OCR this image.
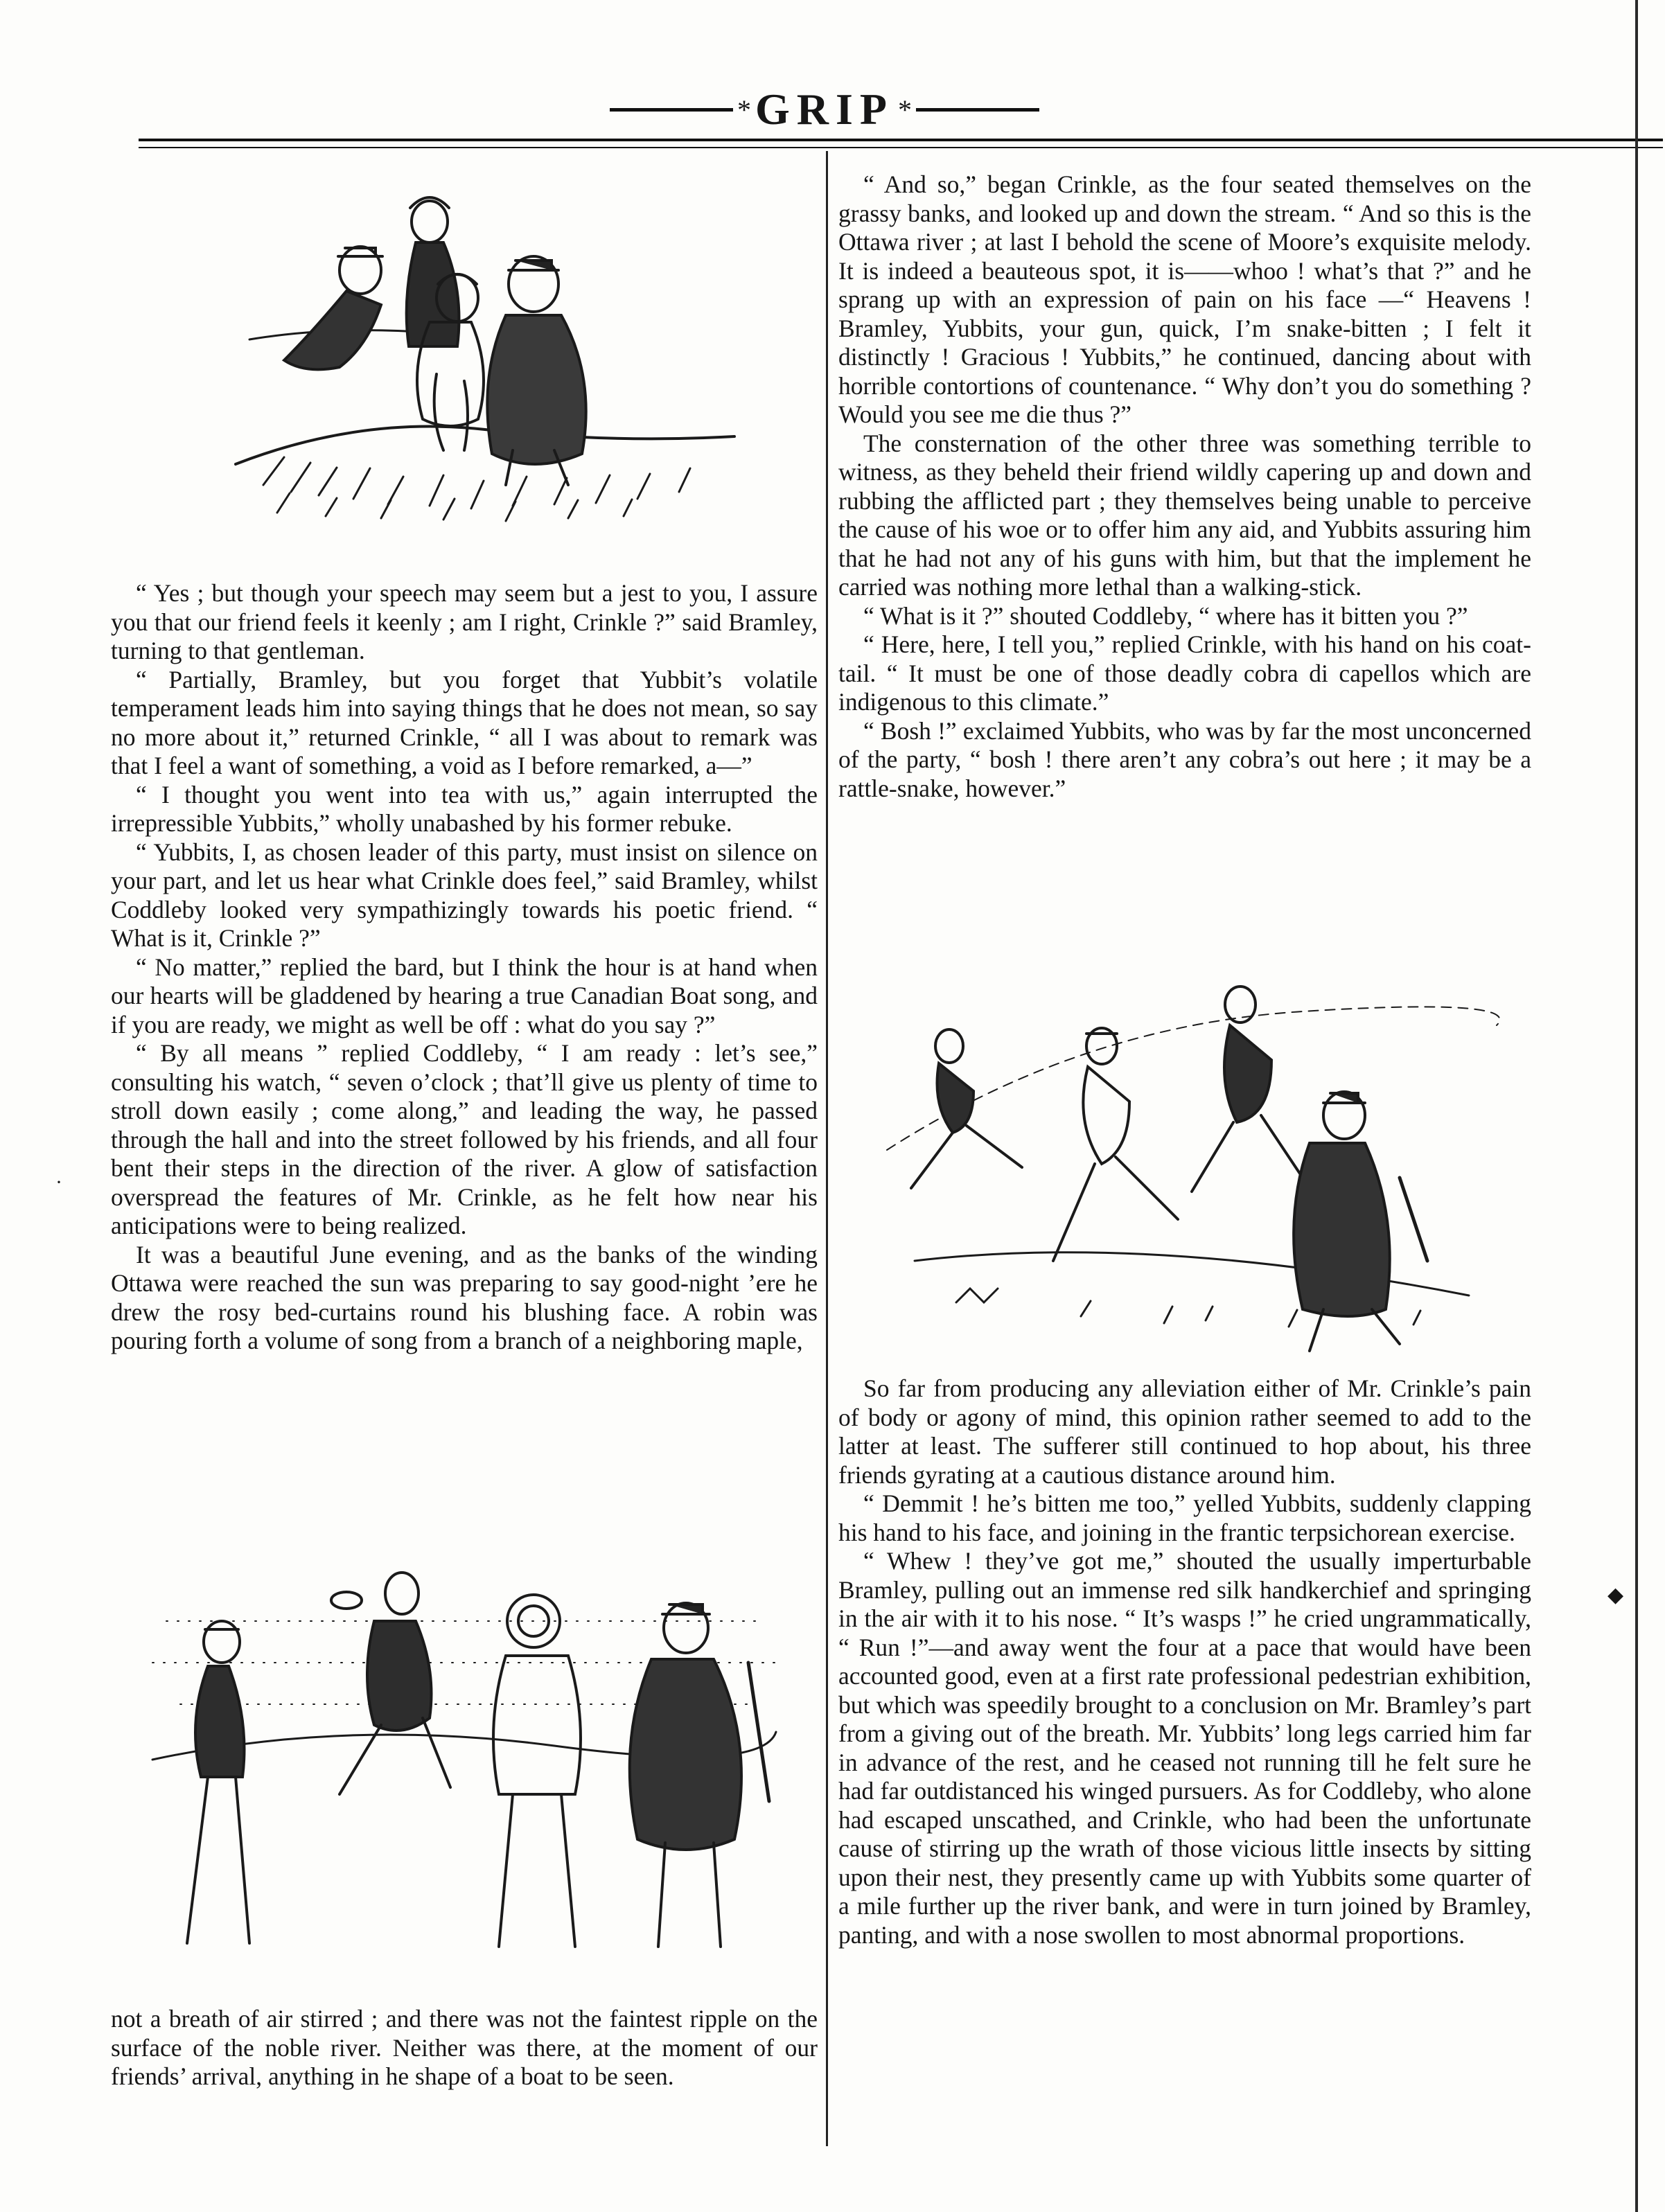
* GRIP *

“ Yes ; but though your speech may seem but a jest to you, I assure you that our friend feels it keenly ; am I right, Crinkle ?” said Bramley, turning to that gentleman.

“ Partially, Bramley, but you forget that Yubbit’s volatile temperament leads him into saying things that he does not mean, so say no more about it,” returned Crinkle, “ all I was about to remark was that I feel a want of something, a void as I before remarked, a—”

“ I thought you went into tea with us,” again interrupted the irrepressible Yubbits,” wholly unabashed by his former rebuke.

“ Yubbits, I, as chosen leader of this party, must insist on silence on your part, and let us hear what Crinkle does feel,” said Bramley, whilst Coddleby looked very sympathizingly towards his poetic friend. “ What is it, Crinkle ?”

“ No matter,” replied the bard, but I think the hour is at hand when our hearts will be gladdened by hearing a true Canadian Boat song, and if you are ready, we might as well be off : what do you say ?”

“ By all means ” replied Coddleby, “ I am ready : let’s see,” consulting his watch, “ seven o’clock ; that’ll give us plenty of time to stroll down easily ; come along,” and leading the way, he passed through the hall and into the street followed by his friends, and all four bent their steps in the direction of the river. A glow of satisfaction overspread the features of Mr. Crinkle, as he felt how near his anticipations were to being realized.

It was a beautiful June evening, and as the banks of the winding Ottawa were reached the sun was preparing to say good-night ’ere he drew the rosy bed-curtains round his blushing face. A robin was pouring forth a volume of song from a branch of a neighboring maple,

not a breath of air stirred ; and there was not the faintest ripple on the surface of the noble river. Neither was there, at the moment of our friends’ arrival, anything in he shape of a boat to be seen.

“ And so,” began Crinkle, as the four seated themselves on the grassy banks, and looked up and down the stream. “ And so this is the Ottawa river ; at last I behold the scene of Moore’s exquisite melody. It is indeed a beauteous spot, it is——whoo ! what’s that ?” and he sprang up with an expression of pain on his face —“ Heavens ! Bramley, Yubbits, your gun, quick, I’m snake-bitten ; I felt it distinctly ! Gracious ! Yubbits,” he continued, dancing about with horrible contortions of countenance. “ Why don’t you do something ? Would you see me die thus ?”

The consternation of the other three was something terrible to witness, as they beheld their friend wildly capering up and down and rubbing the afflicted part ; they themselves being unable to perceive the cause of his woe or to offer him any aid, and Yubbits assuring him that he had not any of his guns with him, but that the implement he carried was nothing more lethal than a walking-stick.

“ What is it ?” shouted Coddleby, “ where has it bitten you ?”

“ Here, here, I tell you,” replied Crinkle, with his hand on his coat-tail. “ It must be one of those deadly cobra di capellos which are indigenous to this climate.”

“ Bosh !” exclaimed Yubbits, who was by far the most unconcerned of the party, “ bosh ! there aren’t any cobra’s out here ; it may be a rattle-snake, however.”

So far from producing any alleviation either of Mr. Crinkle’s pain of body or agony of mind, this opinion rather seemed to add to the latter at least. The sufferer still continued to hop about, his three friends gyrating at a cautious distance around him.

“ Demmit ! he’s bitten me too,” yelled Yubbits, suddenly clapping his hand to his face, and joining in the frantic terpsichorean exercise.

“ Whew ! they’ve got me,” shouted the usually imperturbable Bramley, pulling out an immense red silk handkerchief and springing in the air with it to his nose. “ It’s wasps !” he cried ungrammatically, “ Run !”—and away went the four at a pace that would have been accounted good, even at a first rate professional pedestrian exhibition, but which was speedily brought to a conclusion on Mr. Bramley’s part from a giving out of the breath. Mr. Yubbits’ long legs carried him far in advance of the rest, and he ceased not running till he felt sure he had far outdistanced his winged pursuers. As for Coddleby, who alone had escaped unscathed, and Crinkle, who had been the unfortunate cause of stirring up the wrath of those vicious little insects by sitting upon their nest, they presently came up with Yubbits some quarter of a mile further up the river bank, and were in turn joined by Bramley, panting, and with a nose swollen to most abnormal proportions.

◆
·
